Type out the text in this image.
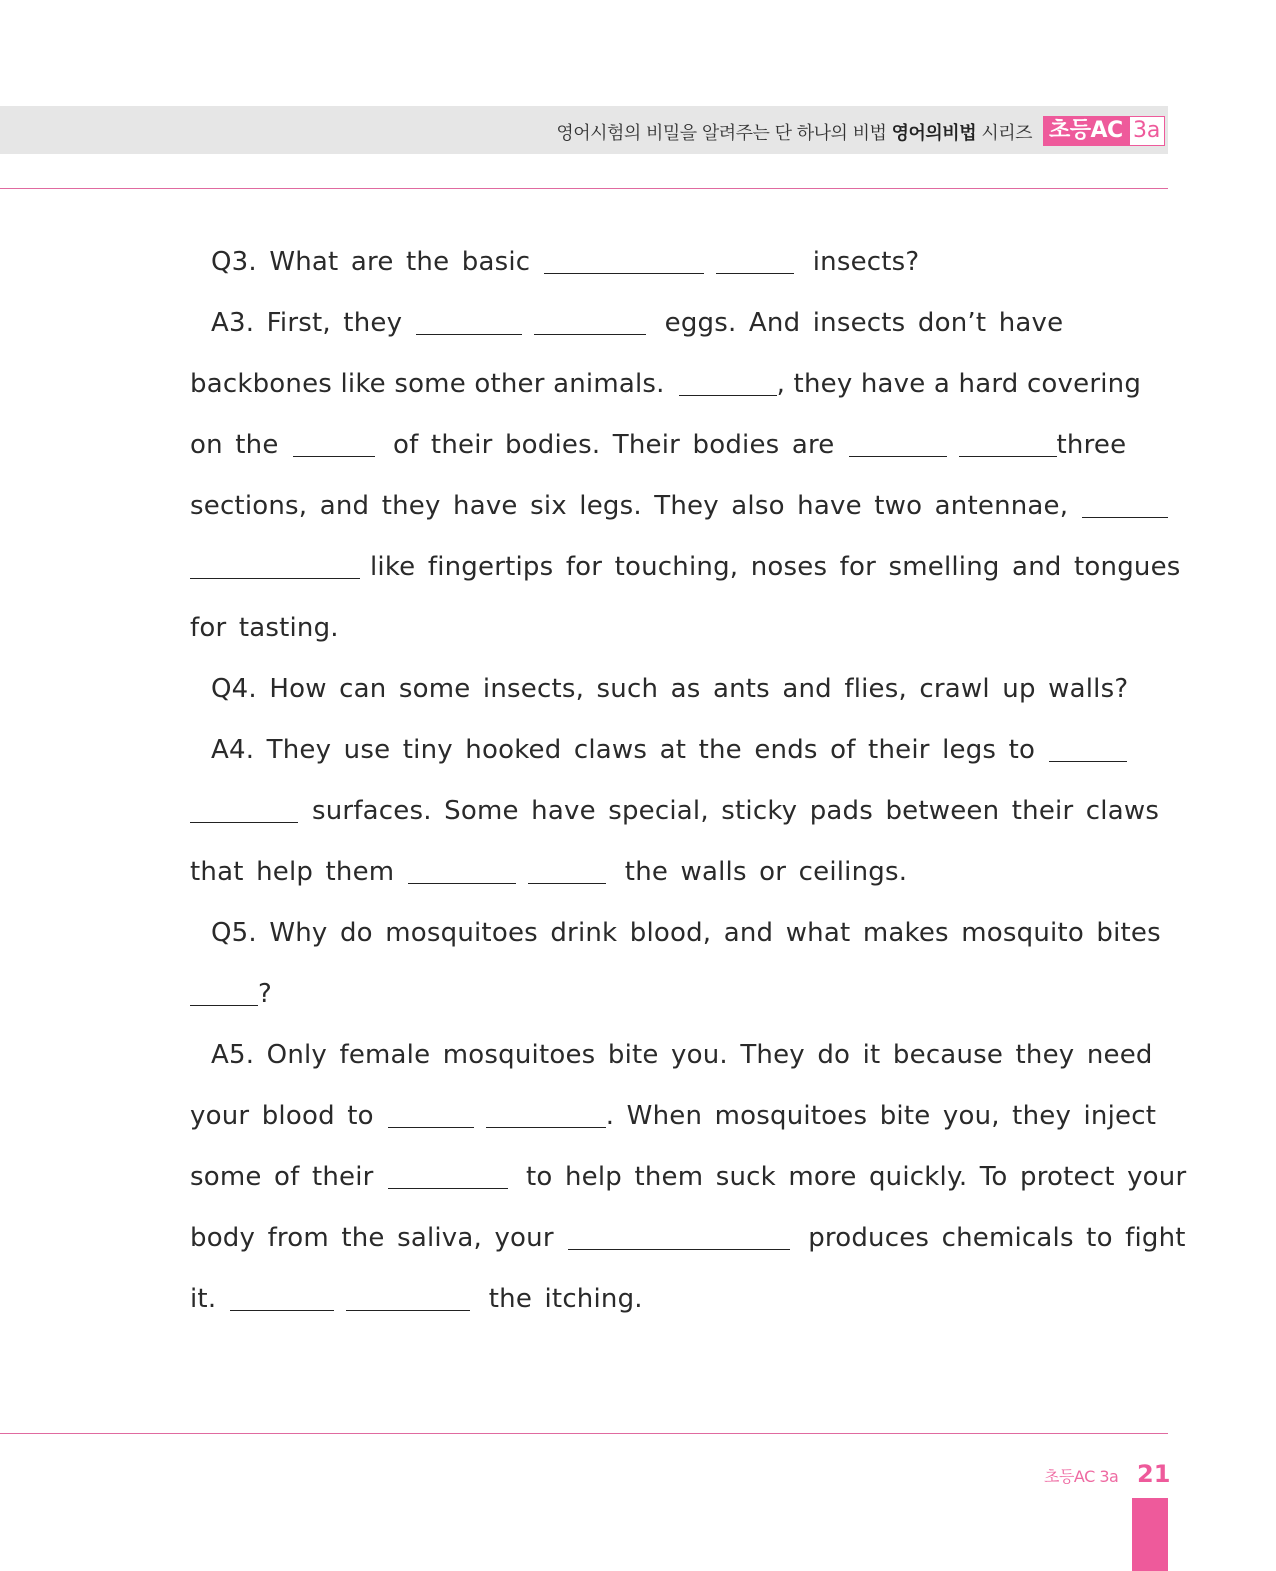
영어시험의 비밀을 알려주는 단 하나의 비법 영어의비법 시리즈 초등AC 3a
Q3. What are the basic	insects?
A3. First, they	eggs. And insects don’t have
backbones like some other animals.	, they have a hard covering
on the	of their bodies. Their bodies are	three
sections, and they have six legs. They also have two antennae,
like fingertips for touching, noses for smelling and tongues
for tasting.
Q4. How can some insects, such as ants and flies, crawl up walls?
A4. They use tiny hooked claws at the ends of their legs to
surfaces. Some have special, sticky pads between their claws
that help them	the walls or ceilings.
Q5. Why do mosquitoes drink blood, and what makes mosquito bites
?
A5. Only female mosquitoes bite you. They do it because they need
your blood to	. When mosquitoes bite you, they inject
some of their	to help them suck more quickly. To protect your
body from the saliva, your	produces chemicals to fight
it.	the itching.
초등AC 3a 21
